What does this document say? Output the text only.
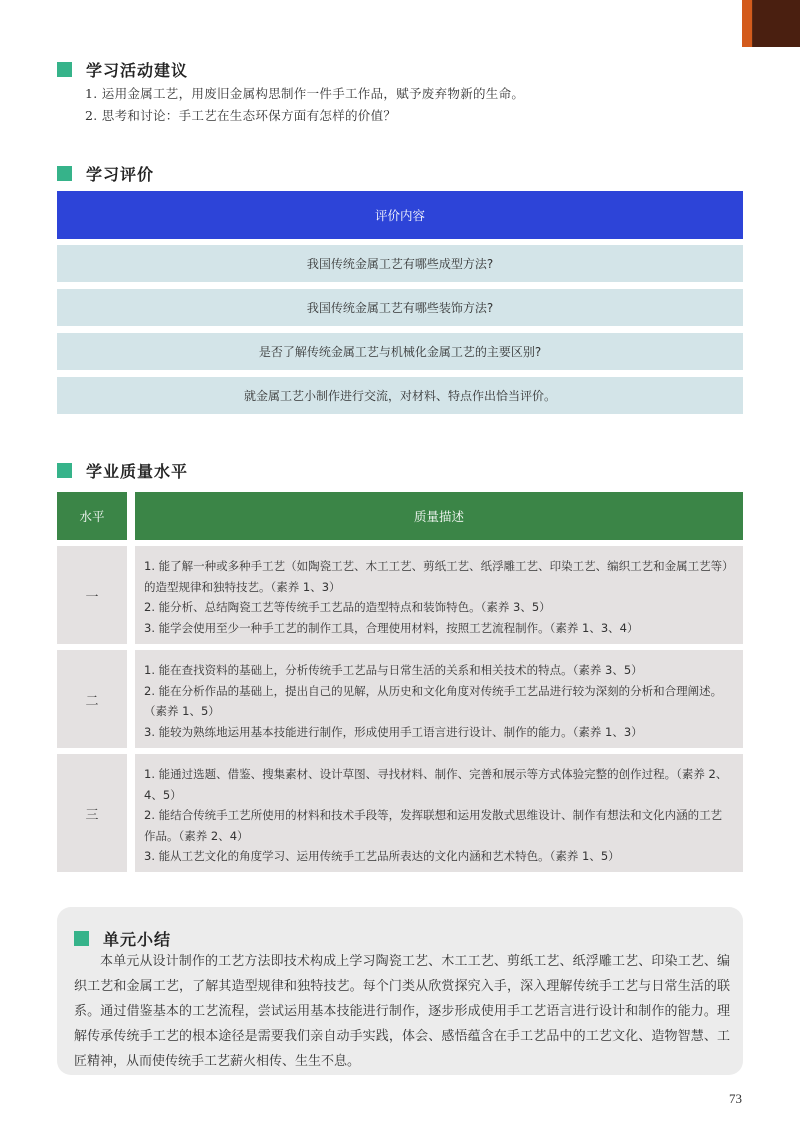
学习活动建议
1. 运用金属工艺，用废旧金属构思制作一件手工作品，赋予废弃物新的生命。
2. 思考和讨论：手工艺在生态环保方面有怎样的价值？
学习评价
评价内容
我国传统金属工艺有哪些成型方法?
我国传统金属工艺有哪些装饰方法?
是否了解传统金属工艺与机械化金属工艺的主要区别?
就金属工艺小制作进行交流，对材料、特点作出恰当评价。
学业质量水平
水平	质量描述
一

1. 能了解一种或多种手工艺（如陶瓷工艺、木工工艺、剪纸工艺、纸浮雕工艺、印染工艺、编织工艺和金属工艺等）的造型规律和独特技艺。（素养 1、3）

2. 能分析、总结陶瓷工艺等传统手工艺品的造型特点和装饰特色。（素养 3、5）

3. 能学会使用至少一种手工艺的制作工具，合理使用材料，按照工艺流程制作。（素养 1、3、4）

二

1. 能在查找资料的基础上，分析传统手工艺品与日常生活的关系和相关技术的特点。（素养 3、5）

2. 能在分析作品的基础上，提出自己的见解，从历史和文化角度对传统手工艺品进行较为深刻的分析和合理阐述。（素养 1、5）

3. 能较为熟练地运用基本技能进行制作，形成使用手工语言进行设计、制作的能力。（素养 1、3）

三

1. 能通过选题、借鉴、搜集素材、设计草图、寻找材料、制作、完善和展示等方式体验完整的创作过程。（素养 2、4、5）

2. 能结合传统手工艺所使用的材料和技术手段等，发挥联想和运用发散式思维设计、制作有想法和文化内涵的工艺作品。（素养 2、4）

3. 能从工艺文化的角度学习、运用传统手工艺品所表达的文化内涵和艺术特色。（素养 1、5）

单元小结
本单元从设计制作的工艺方法即技术构成上学习陶瓷工艺、木工工艺、剪纸工艺、纸浮雕工艺、印染工艺、编织工艺和金属工艺，了解其造型规律和独特技艺。每个门类从欣赏探究入手，深入理解传统手工艺与日常生活的联系。通过借鉴基本的工艺流程，尝试运用基本技能进行制作，逐步形成使用手工艺语言进行设计和制作的能力。理解传承传统手工艺的根本途径是需要我们亲自动手实践，体会、感悟蕴含在手工艺品中的工艺文化、造物智慧、工匠精神，从而使传统手工艺薪火相传、生生不息。
73
